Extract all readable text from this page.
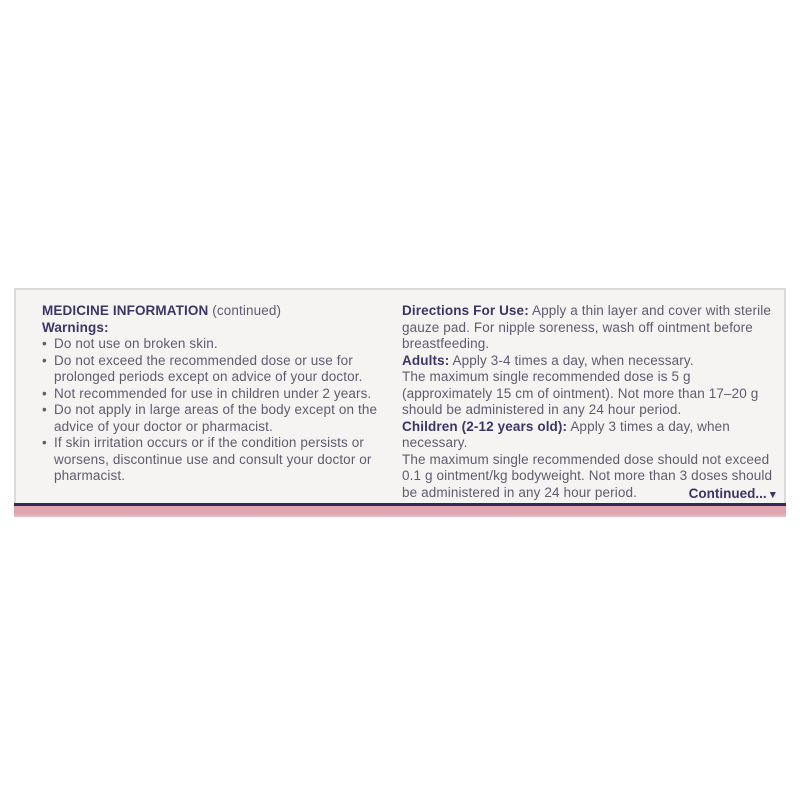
MEDICINE INFORMATION (continued)
Warnings:
• Do not use on broken skin.
• Do not exceed the recommended dose or use for prolonged periods except on advice of your doctor.
• Not recommended for use in children under 2 years.
• Do not apply in large areas of the body except on the advice of your doctor or pharmacist.
• If skin irritation occurs or if the condition persists or worsens, discontinue use and consult your doctor or pharmacist.

Directions For Use: Apply a thin layer and cover with sterile gauze pad. For nipple soreness, wash off ointment before breastfeeding.

Adults: Apply 3-4 times a day, when necessary.

The maximum single recommended dose is 5 g (approximately 15 cm of ointment). Not more than 17–20 g should be administered in any 24 hour period.

Children (2-12 years old): Apply 3 times a day, when necessary.

The maximum single recommended dose should not exceed 0.1 g ointment/kg bodyweight. Not more than 3 doses should be administered in any 24 hour period.	Continued...▼
